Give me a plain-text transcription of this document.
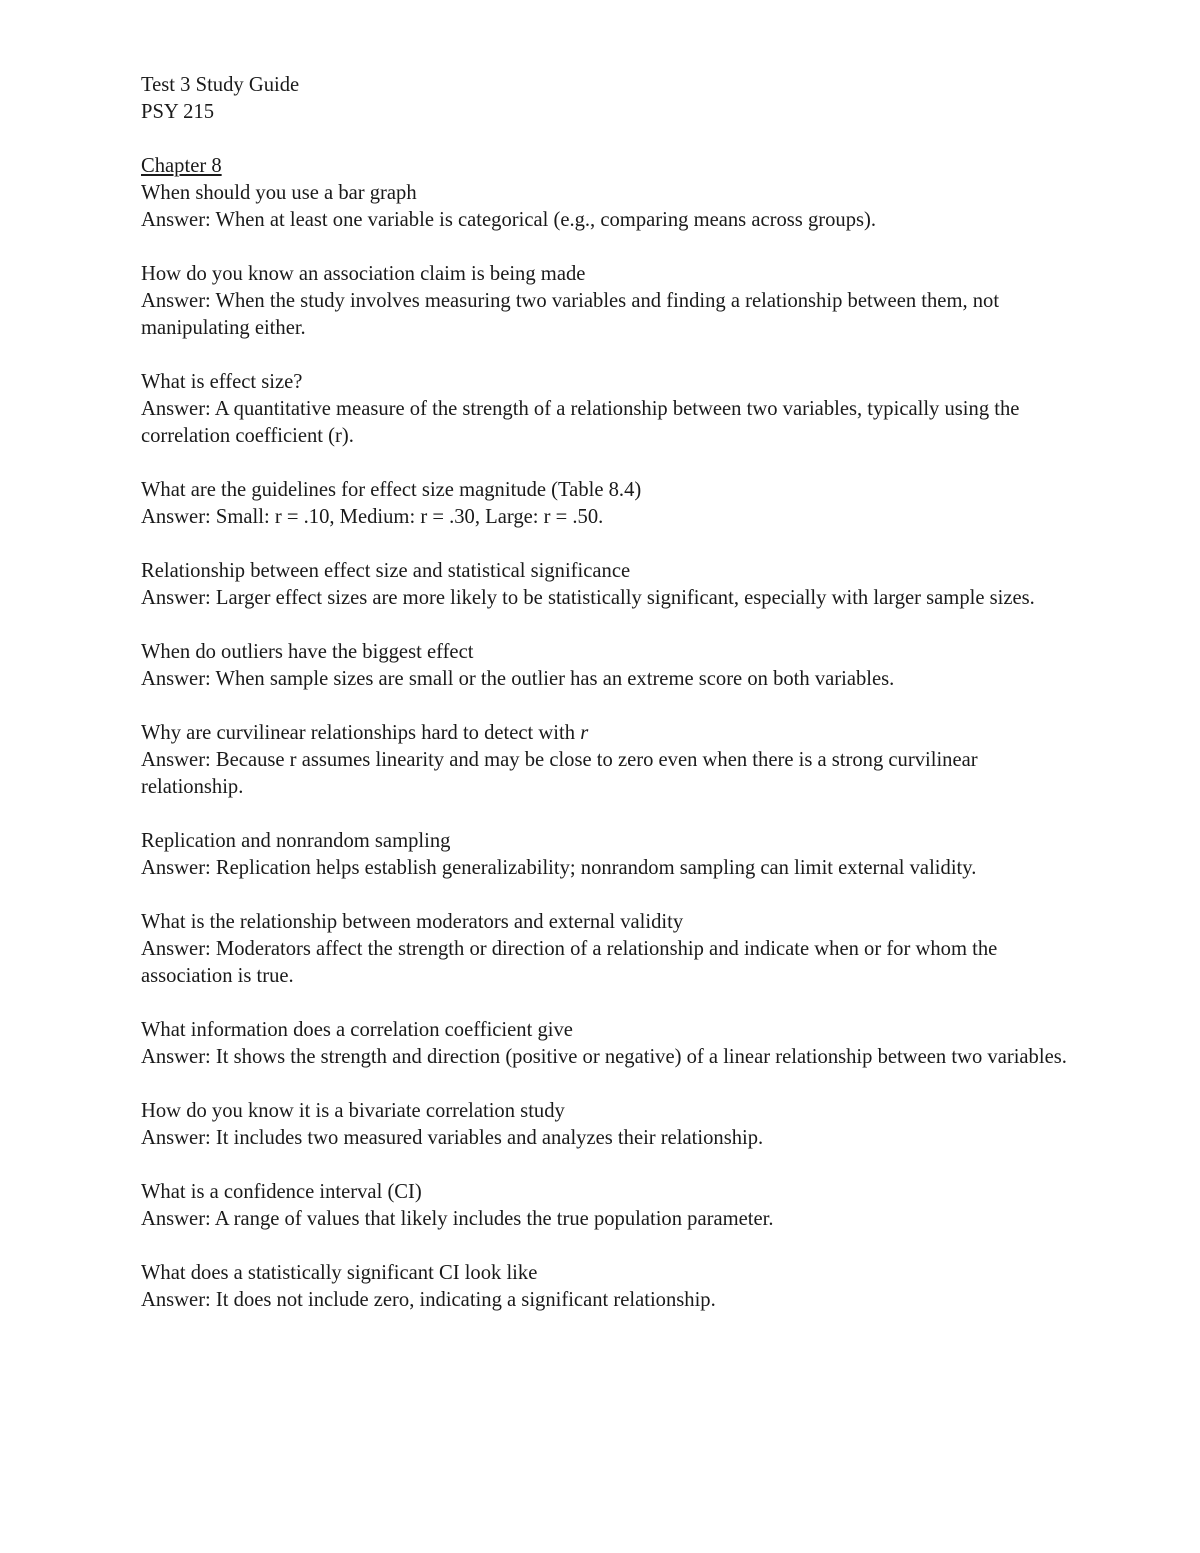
Test 3 Study Guide
PSY 215
Chapter 8
When should you use a bar graph
Answer: When at least one variable is categorical (e.g., comparing means across groups).
How do you know an association claim is being made
Answer: When the study involves measuring two variables and finding a relationship between them, not manipulating either.
What is effect size?
Answer: A quantitative measure of the strength of a relationship between two variables, typically using the correlation coefficient (r).
What are the guidelines for effect size magnitude (Table 8.4)
Answer: Small: r = .10, Medium: r = .30, Large: r = .50.
Relationship between effect size and statistical significance
Answer: Larger effect sizes are more likely to be statistically significant, especially with larger sample sizes.
When do outliers have the biggest effect
Answer: When sample sizes are small or the outlier has an extreme score on both variables.
Why are curvilinear relationships hard to detect with r
Answer: Because r assumes linearity and may be close to zero even when there is a strong curvilinear relationship.
Replication and nonrandom sampling
Answer: Replication helps establish generalizability; nonrandom sampling can limit external validity.
What is the relationship between moderators and external validity
Answer: Moderators affect the strength or direction of a relationship and indicate when or for whom the association is true.
What information does a correlation coefficient give
Answer: It shows the strength and direction (positive or negative) of a linear relationship between two variables.
How do you know it is a bivariate correlation study
Answer: It includes two measured variables and analyzes their relationship.
What is a confidence interval (CI)
Answer: A range of values that likely includes the true population parameter.
What does a statistically significant CI look like
Answer: It does not include zero, indicating a significant relationship.
